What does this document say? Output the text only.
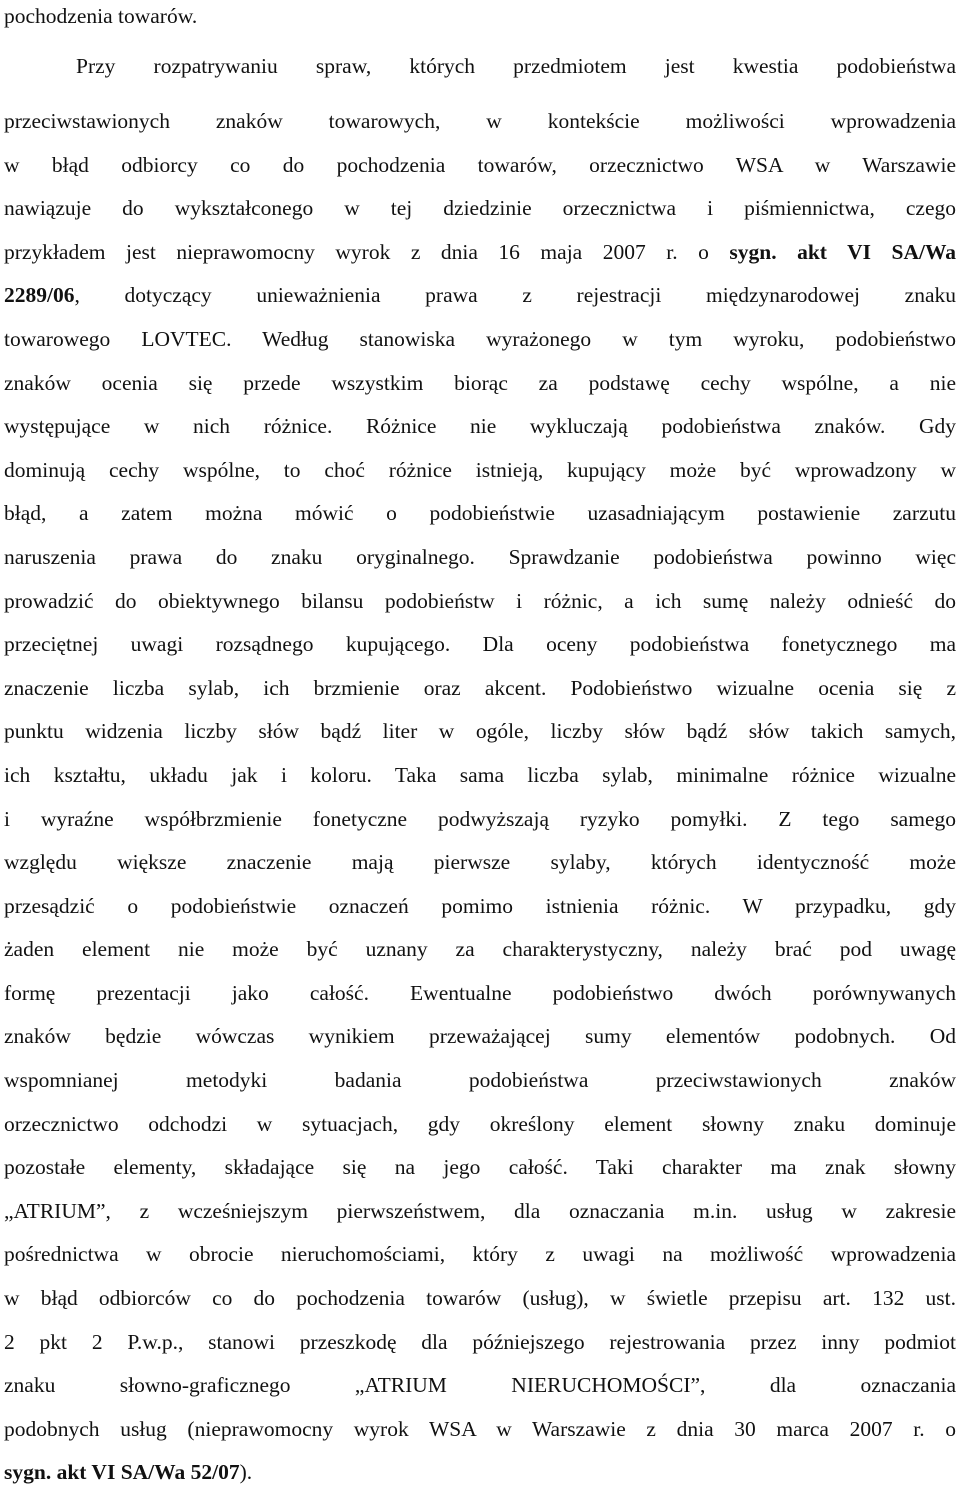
pochodzenia towarów.
Przy rozpatrywaniu spraw, których przedmiotem jest kwestia podobieństwa
przeciwstawionych znaków towarowych, w kontekście możliwości wprowadzenia
w błąd odbiorcy co do pochodzenia towarów, orzecznictwo WSA w Warszawie
nawiązuje do wykształconego w tej dziedzinie orzecznictwa i piśmiennictwa, czego
przykładem jest nieprawomocny wyrok z dnia 16 maja 2007 r. o sygn. akt VI SA/Wa
2289/06, dotyczący unieważnienia prawa z rejestracji międzynarodowej znaku
towarowego LOVTEC. Według stanowiska wyrażonego w tym wyroku, podobieństwo
znaków ocenia się przede wszystkim biorąc za podstawę cechy wspólne, a nie
występujące w nich różnice. Różnice nie wykluczają podobieństwa znaków. Gdy
dominują cechy wspólne, to choć różnice istnieją, kupujący może być wprowadzony w
błąd, a zatem można mówić o podobieństwie uzasadniającym postawienie zarzutu
naruszenia prawa do znaku oryginalnego. Sprawdzanie podobieństwa powinno więc
prowadzić do obiektywnego bilansu podobieństw i różnic, a ich sumę należy odnieść do
przeciętnej uwagi rozsądnego kupującego. Dla oceny podobieństwa fonetycznego ma
znaczenie liczba sylab, ich brzmienie oraz akcent. Podobieństwo wizualne ocenia się z
punktu widzenia liczby słów bądź liter w ogóle, liczby słów bądź słów takich samych,
ich kształtu, układu jak i koloru. Taka sama liczba sylab, minimalne różnice wizualne
i wyraźne współbrzmienie fonetyczne podwyższają ryzyko pomyłki. Z tego samego
względu większe znaczenie mają pierwsze sylaby, których identyczność może
przesądzić o podobieństwie oznaczeń pomimo istnienia różnic. W przypadku, gdy
żaden element nie może być uznany za charakterystyczny, należy brać pod uwagę
formę prezentacji jako całość. Ewentualne podobieństwo dwóch porównywanych
znaków będzie wówczas wynikiem przeważającej sumy elementów podobnych. Od
wspomnianej metodyki badania podobieństwa przeciwstawionych znaków
orzecznictwo odchodzi w sytuacjach, gdy określony element słowny znaku dominuje
pozostałe elementy, składające się na jego całość. Taki charakter ma znak słowny
„ATRIUM”, z wcześniejszym pierwszeństwem, dla oznaczania m.in. usług w zakresie
pośrednictwa w obrocie nieruchomościami, który z uwagi na możliwość wprowadzenia
w błąd odbiorców co do pochodzenia towarów (usług), w świetle przepisu art. 132 ust.
2 pkt 2 P.w.p., stanowi przeszkodę dla późniejszego rejestrowania przez inny podmiot
znaku słowno-graficznego „ATRIUM NIERUCHOMOŚCI”, dla oznaczania
podobnych usług (nieprawomocny wyrok WSA w Warszawie z dnia 30 marca 2007 r. o
sygn. akt VI SA/Wa 52/07).
